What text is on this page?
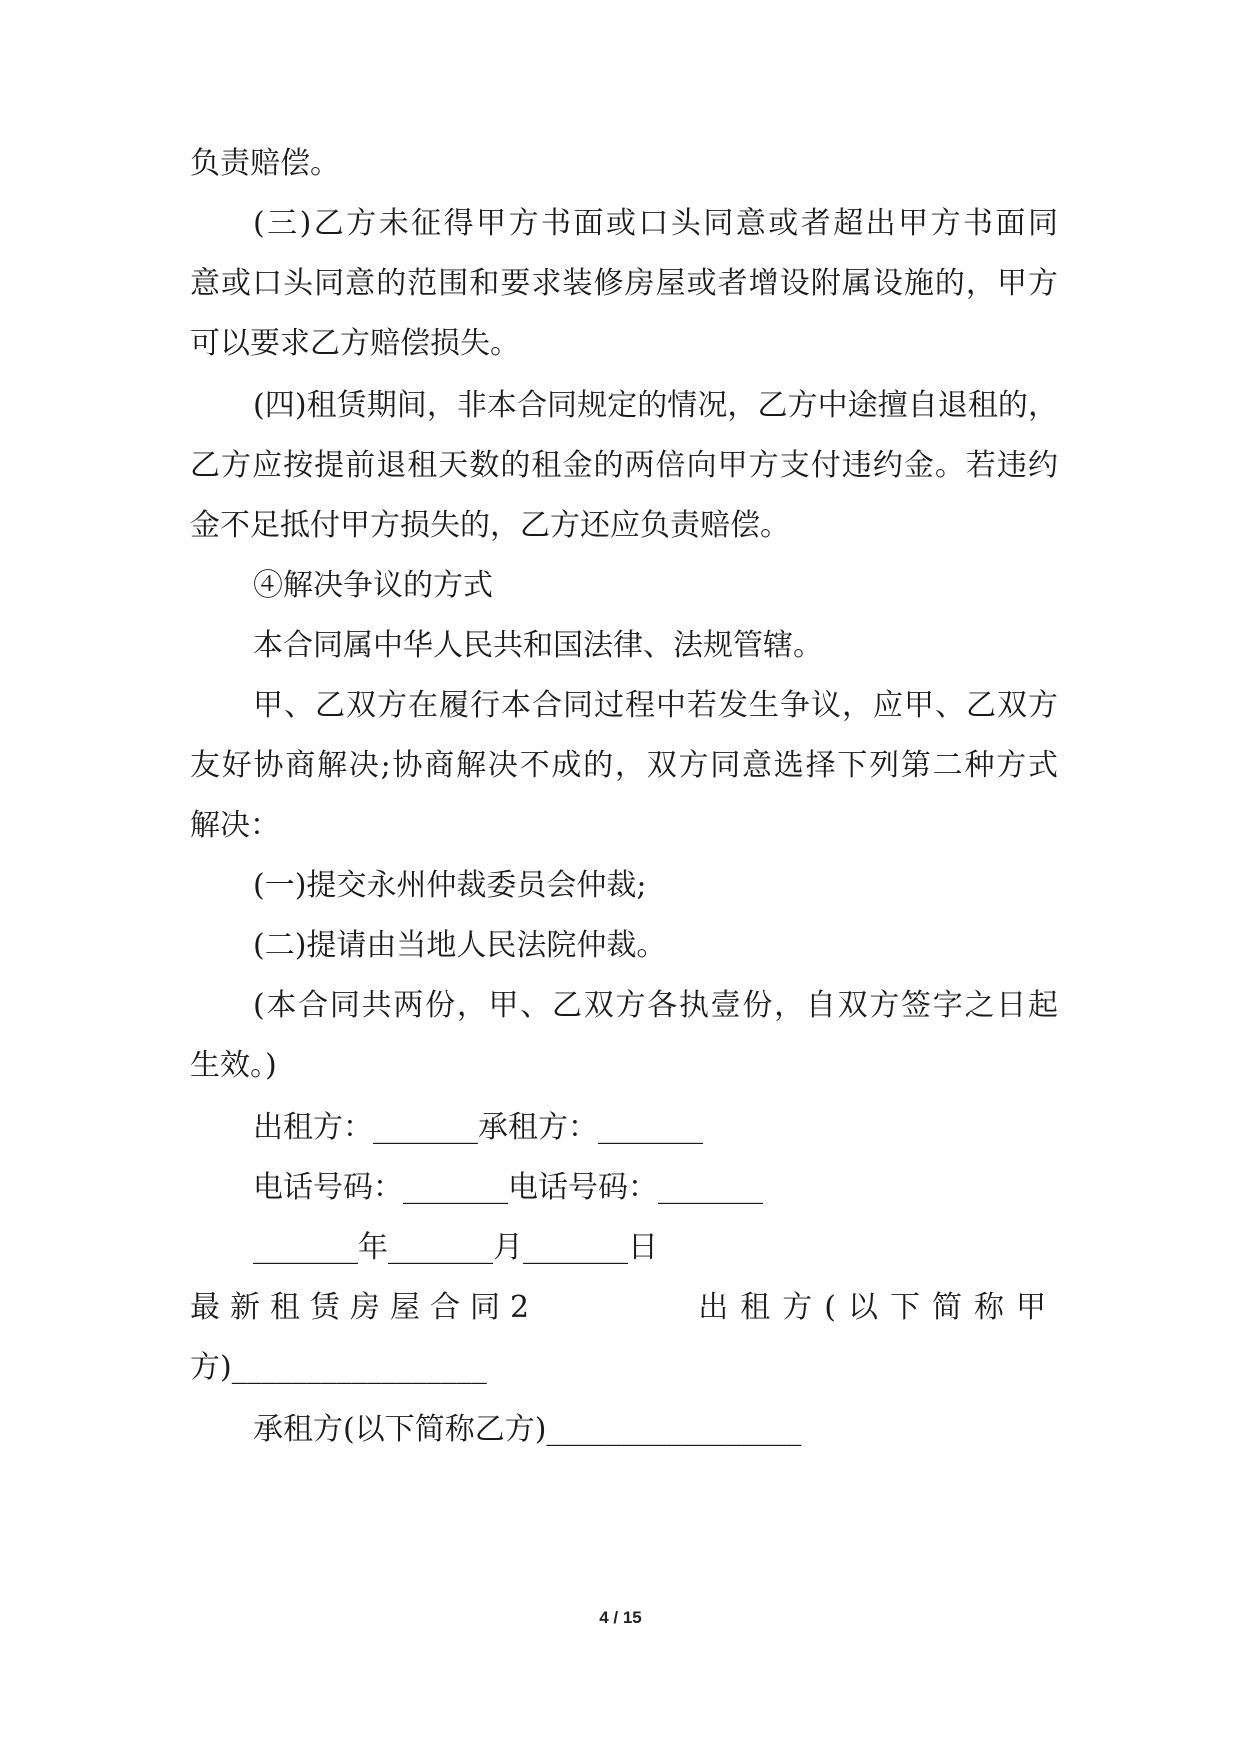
负责赔偿。
(三)乙方未征得甲方书面或口头同意或者超出甲方书面同
意或口头同意的范围和要求装修房屋或者增设附属设施的，甲方
可以要求乙方赔偿损失。
(四)租赁期间，非本合同规定的情况，乙方中途擅自退租的，
乙方应按提前退租天数的租金的两倍向甲方支付违约金。若违约
金不足抵付甲方损失的，乙方还应负责赔偿。
④解决争议的方式
本合同属中华人民共和国法律、法规管辖。
甲、乙双方在履行本合同过程中若发生争议，应甲、乙双方
友好协商解决;协商解决不成的，双方同意选择下列第二种方式
解决：
(一)提交永州仲裁委员会仲裁;
(二)提请由当地人民法院仲裁。
(本合同共两份，甲、乙双方各执壹份，自双方签字之日起
生效。)
出租方：_______承租方：_______
电话号码：_______电话号码：_______
_______年_______月_______日
最新租赁房屋合同2	出租方(以下简称甲
方)_________________
承租方(以下简称乙方)_________________
4 / 15
